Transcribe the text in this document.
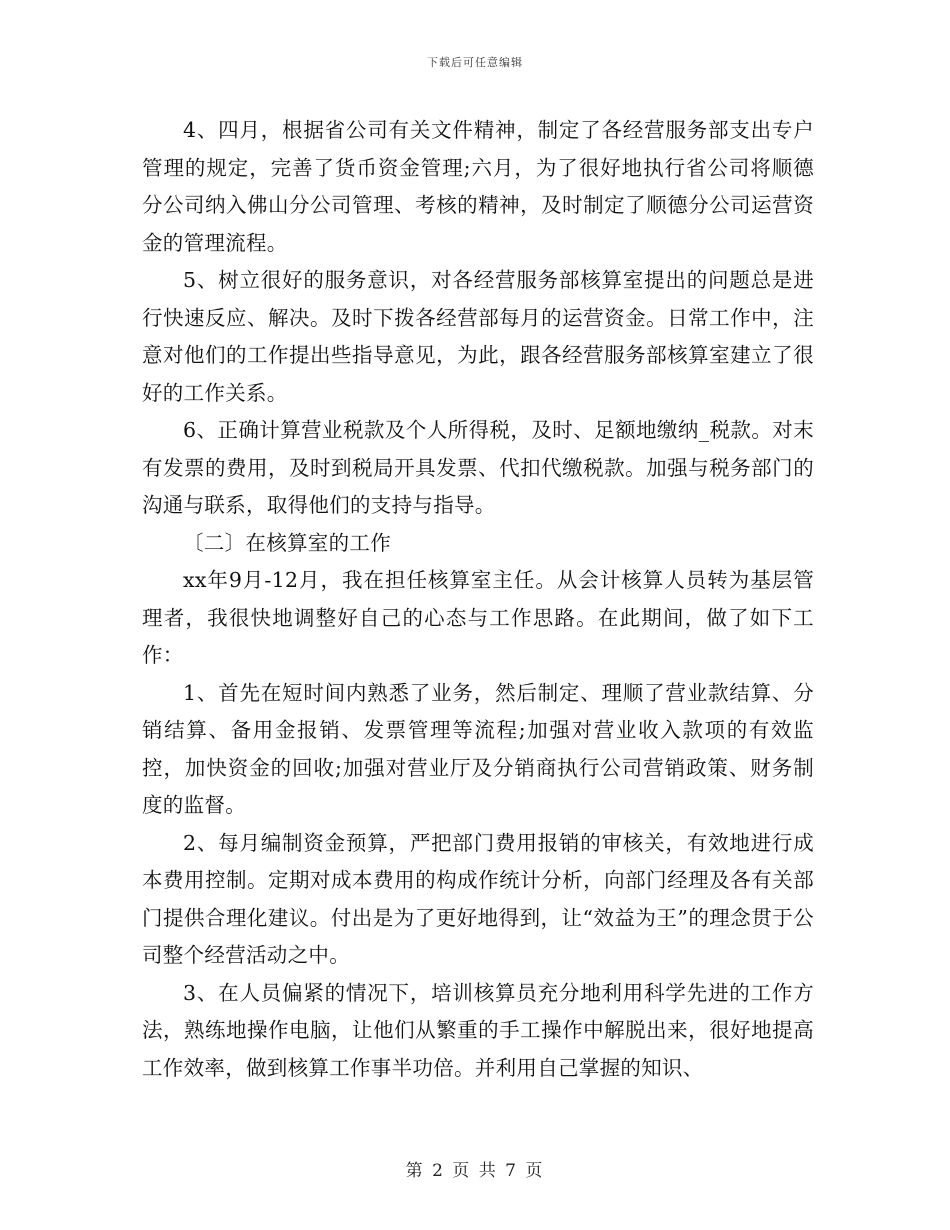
下载后可任意编辑

4、四月，根据省公司有关文件精神，制定了各经营服务部支出专户管理的规定，完善了货币资金管理;六月，为了很好地执行省公司将顺德分公司纳入佛山分公司管理、考核的精神，及时制定了顺德分公司运营资金的管理流程。

5、树立很好的服务意识，对各经营服务部核算室提出的问题总是进行快速反应、解决。及时下拨各经营部每月的运营资金。日常工作中，注意对他们的工作提出些指导意见，为此，跟各经营服务部核算室建立了很好的工作关系。

6、正确计算营业税款及个人所得税，及时、足额地缴纳_税款。对末有发票的费用，及时到税局开具发票、代扣代缴税款。加强与税务部门的沟通与联系，取得他们的支持与指导。

〔二〕在核算室的工作

xx年9月-12月，我在担任核算室主任。从会计核算人员转为基层管理者，我很快地调整好自己的心态与工作思路。在此期间，做了如下工作：

1、首先在短时间内熟悉了业务，然后制定、理顺了营业款结算、分销结算、备用金报销、发票管理等流程;加强对营业收入款项的有效监控，加快资金的回收;加强对营业厅及分销商执行公司营销政策、财务制度的监督。

2、每月编制资金预算，严把部门费用报销的审核关，有效地进行成本费用控制。定期对成本费用的构成作统计分析，向部门经理及各有关部门提供合理化建议。付出是为了更好地得到，让“效益为王”的理念贯于公司整个经营活动之中。

3、在人员偏紧的情况下，培训核算员充分地利用科学先进的工作方法，熟练地操作电脑，让他们从繁重的手工操作中解脱出来，很好地提高工作效率，做到核算工作事半功倍。并利用自己掌握的知识、

第 2 页 共 7 页
